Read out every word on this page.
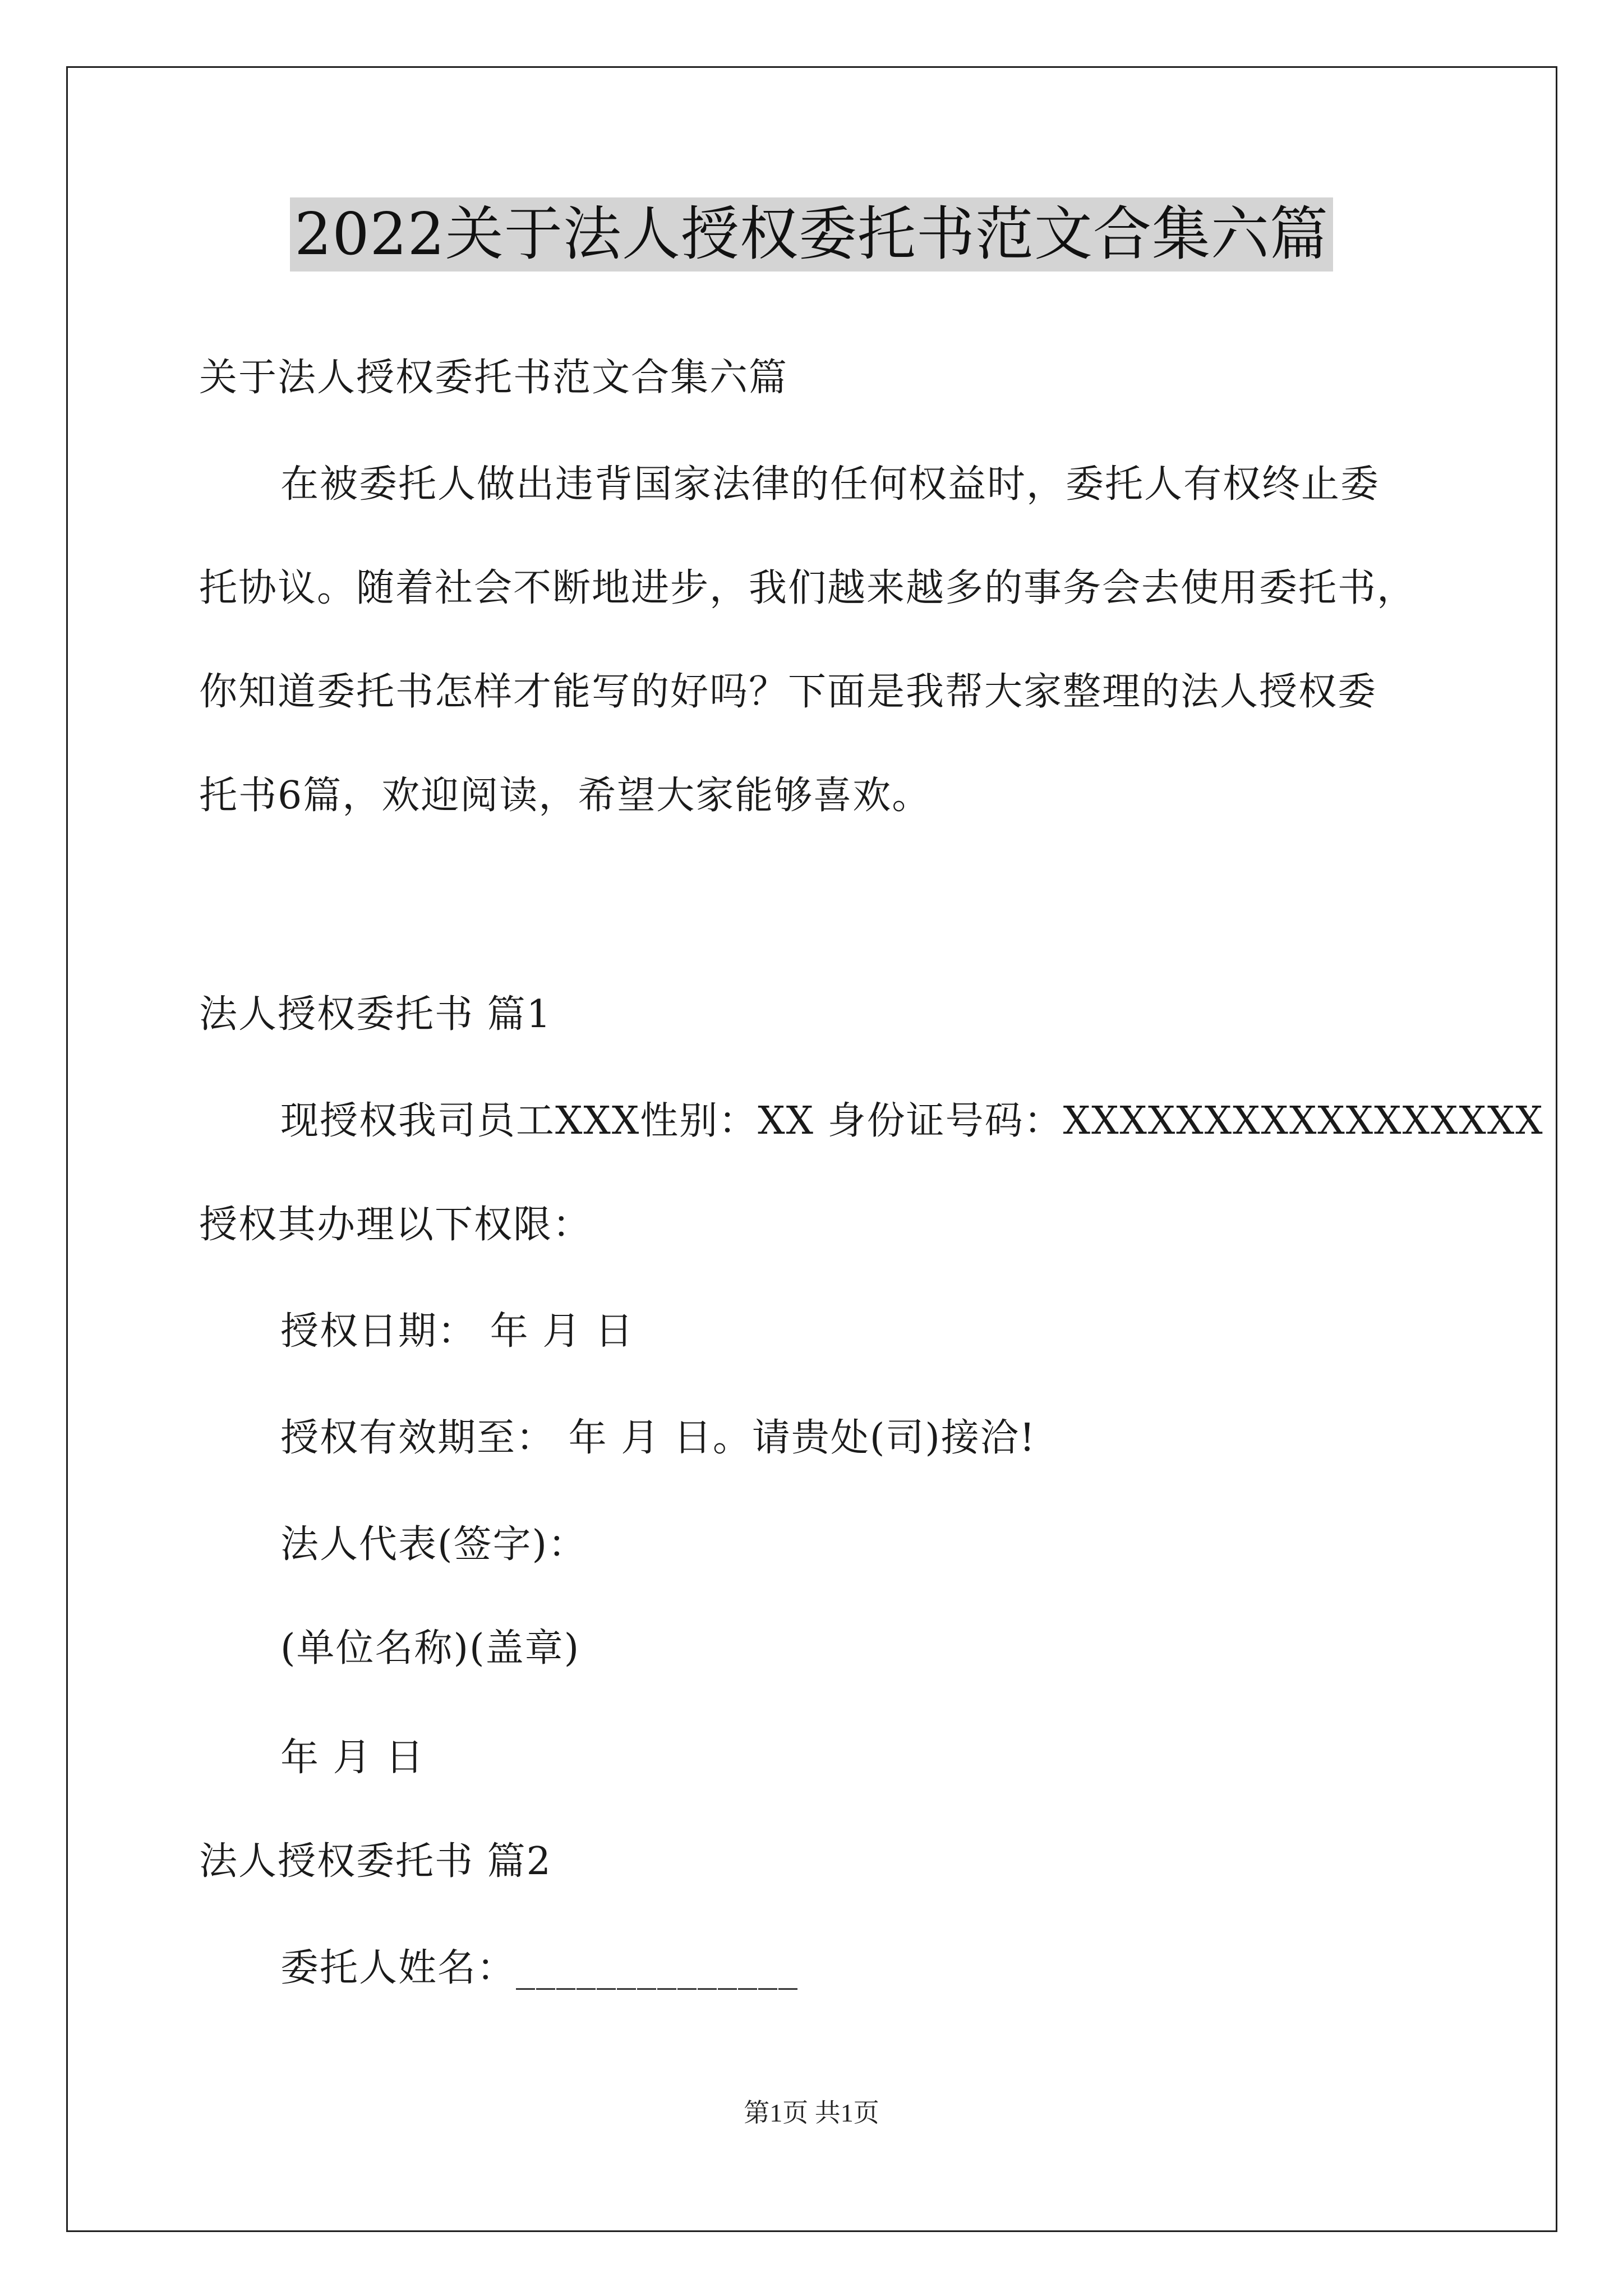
2022关于法人授权委托书范文合集六篇
关于法人授权委托书范文合集六篇
在被委托人做出违背国家法律的任何权益时，委托人有权终止委
托协议。随着社会不断地进步，我们越来越多的事务会去使用委托书，
你知道委托书怎样才能写的好吗？下面是我帮大家整理的法人授权委
托书6篇，欢迎阅读，希望大家能够喜欢。
法人授权委托书 篇1
现授权我司员工XXX性别：XX 身份证号码：XXXXXXXXXXXXXXXXX
授权其办理以下权限：
授权日期： 年 月 日
授权有效期至： 年 月 日。请贵处(司)接洽!
法人代表(签字)：
(单位名称)(盖章)
年 月 日
法人授权委托书 篇2
委托人姓名：______________
第1页 共1页
